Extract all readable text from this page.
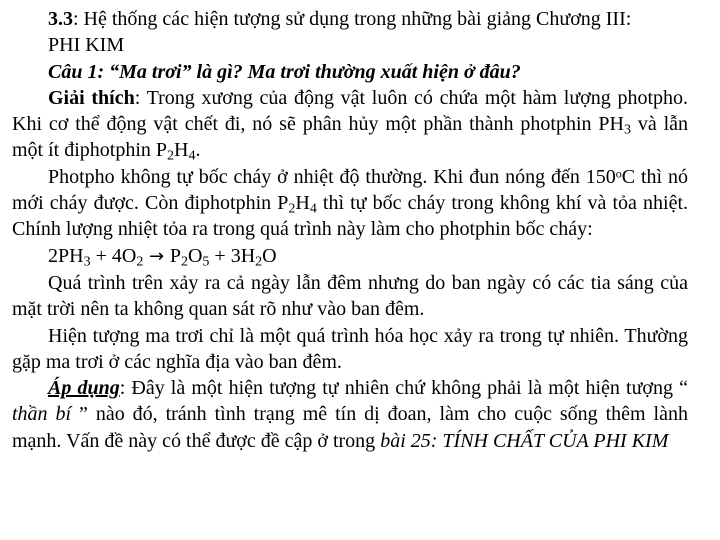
3.3: Hệ thống các hiện tượng sử dụng trong những bài giảng Chương III:

PHI KIM

Câu 1: “Ma trơi” là gì? Ma trơi thường xuất hiện ở đâu?

Giải thích: Trong xương của động vật luôn có chứa một hàm lượng photpho. Khi cơ thể động vật chết đi, nó sẽ phân hủy một phần thành photphin $PH_3$ và lẫn một ít điphotphin $P_2H_4$.

Photpho không tự bốc cháy ở nhiệt độ thường. Khi đun nóng đến 150$^o$C thì nó mới cháy được. Còn điphotphin $P_2H_4$ thì tự bốc cháy trong không khí và tỏa nhiệt. Chính lượng nhiệt tỏa ra trong quá trình này làm cho photphin bốc cháy:

$2PH_3 + 4O_2 \to P_2O_5 + 3H_2O$

Quá trình trên xảy ra cả ngày lẫn đêm nhưng do ban ngày có các tia sáng của mặt trời nên ta không quan sát rõ như vào ban đêm.

Hiện tượng ma trơi chỉ là một quá trình hóa học xảy ra trong tự nhiên. Thường gặp ma trơi ở các nghĩa địa vào ban đêm.

Áp dụng: Đây là một hiện tượng tự nhiên chứ không phải là một hiện tượng “ thần bí ” nào đó, tránh tình trạng mê tín dị đoan, làm cho cuộc sống thêm lành mạnh. Vấn đề này có thể được đề cập ở trong bài 25: TÍNH CHẤT CỦA PHI KIM
